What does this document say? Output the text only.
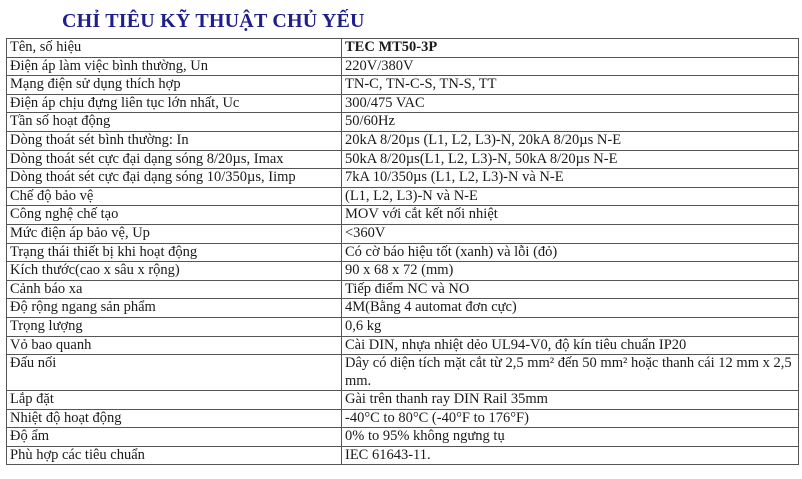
CHỈ TIÊU KỸ THUẬT CHỦ YẾU
Tên, số hiệu	TEC MT50-3P
Điện áp làm việc bình thường, Un	220V/380V
Mạng điện sử dụng thích hợp	TN-C, TN-C-S, TN-S, TT
Điện áp chịu đựng liên tục lớn nhất, Uc	300/475 VAC
Tần số hoạt động	50/60Hz
Dòng thoát sét bình thường: In	20kA 8/20µs (L1, L2, L3)-N, 20kA 8/20µs N-E
Dòng thoát sét cực đại dạng sóng 8/20µs, Imax	50kA 8/20µs(L1, L2, L3)-N, 50kA 8/20µs N-E
Dòng thoát sét cực đại dạng sóng 10/350µs, Iimp	7kA 10/350µs (L1, L2, L3)-N và N-E
Chế độ bảo vệ	(L1, L2, L3)-N và N-E
Công nghệ chế tạo	MOV với cắt kết nối nhiệt
Mức điện áp bảo vệ, Up	<360V
Trạng thái thiết bị khi hoạt động	Có cờ báo hiệu tốt (xanh) và lỗi (đỏ)
Kích thước(cao x sâu x rộng)	90 x 68 x 72 (mm)
Cảnh báo xa	Tiếp điểm NC và NO
Độ rộng ngang sản phẩm	4M(Bằng 4 automat đơn cực)
Trọng lượng	0,6 kg
Vỏ bao quanh	Cài DIN, nhựa nhiệt dẻo UL94-V0, độ kín tiêu chuẩn IP20
Đấu nối	Dây có diện tích mặt cắt từ 2,5 mm² đến 50 mm² hoặc thanh cái 12 mm x 2,5 mm.
Lắp đặt	Gài trên thanh ray DIN Rail 35mm
Nhiệt độ hoạt động	-40°C to 80°C (-40°F to 176°F)
Độ ẩm	0% to 95% không ngưng tụ
Phù hợp các tiêu chuẩn	IEC 61643-11.
